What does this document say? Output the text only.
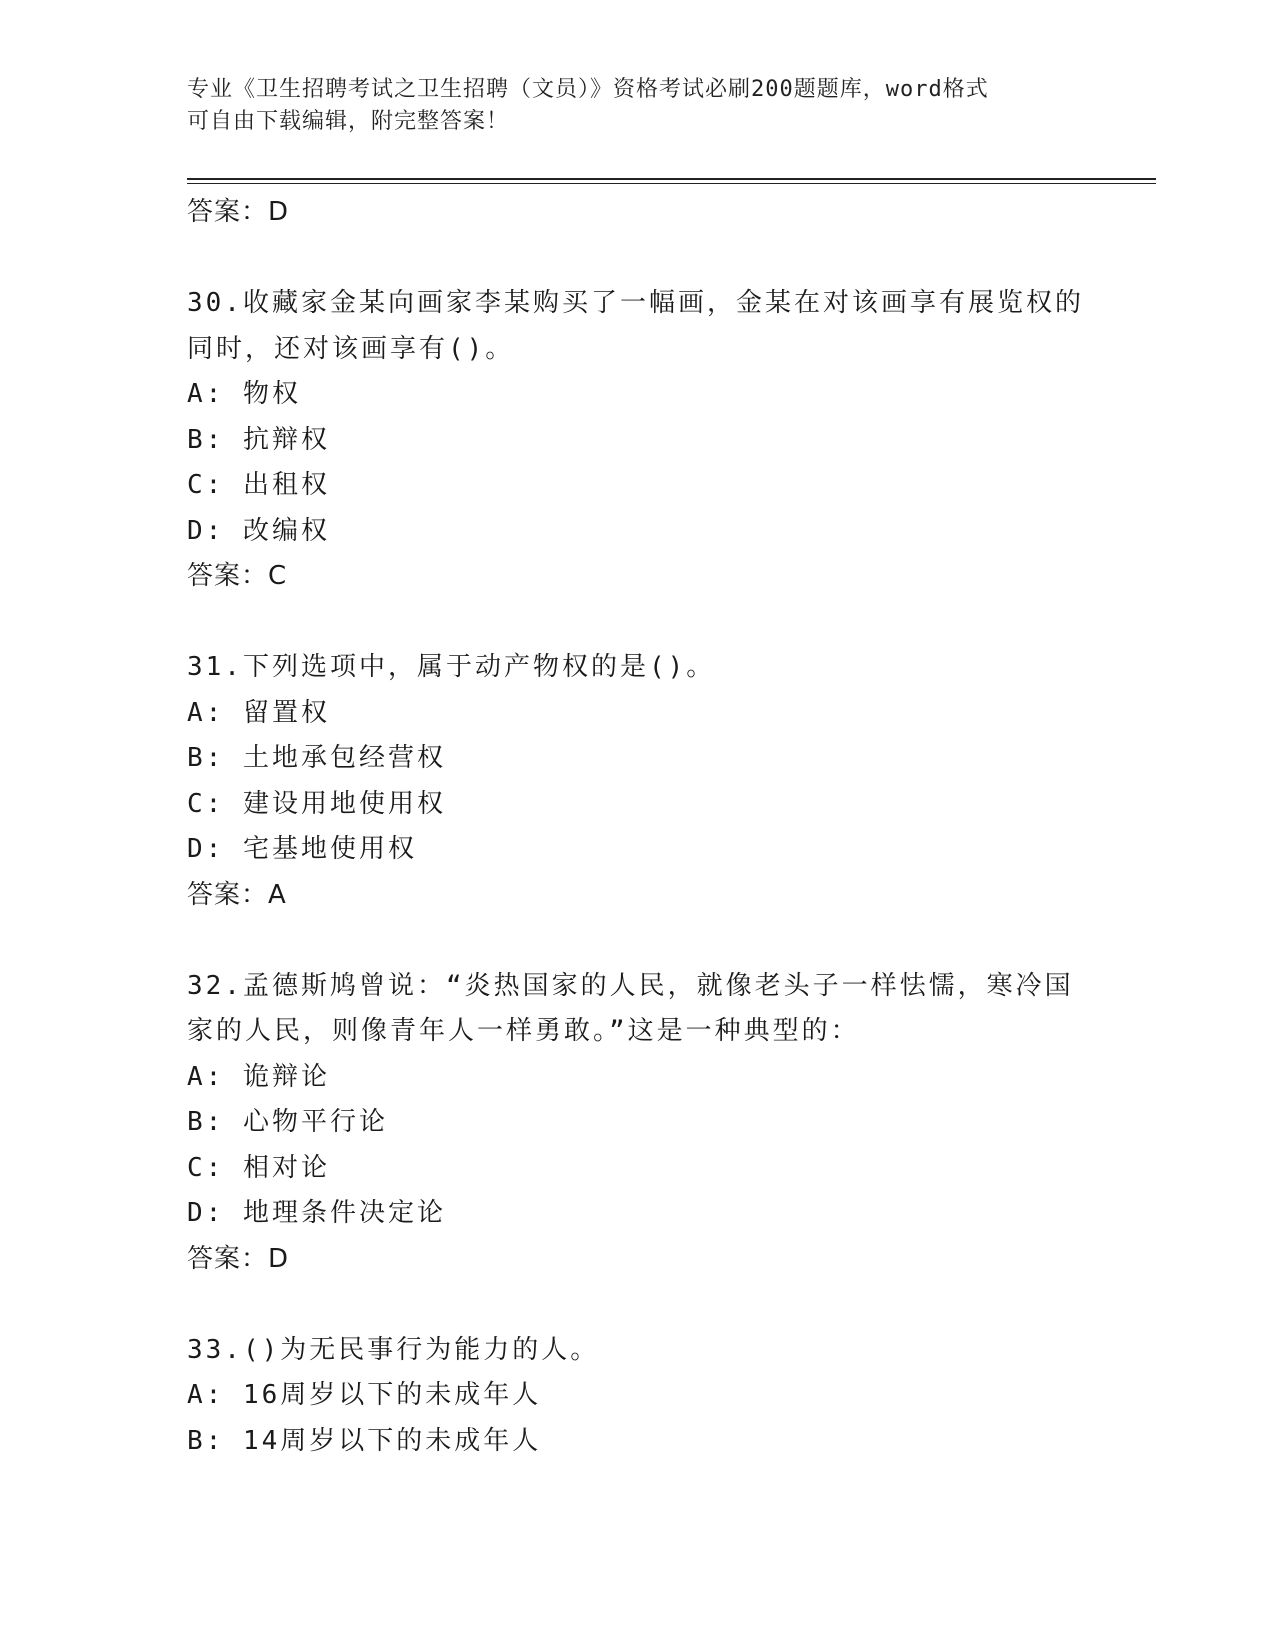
专业《卫生招聘考试之卫生招聘（文员）》资格考试必刷200题题库，word格式
可自由下载编辑，附完整答案！
答案：D
30.收藏家金某向画家李某购买了一幅画，金某在对该画享有展览权的
同时，还对该画享有()。
A: 物权
B: 抗辩权
C: 出租权
D: 改编权
答案：C
31.下列选项中，属于动产物权的是()。
A: 留置权
B: 土地承包经营权
C: 建设用地使用权
D: 宅基地使用权
答案：A
32.孟德斯鸠曾说：“炎热国家的人民，就像老头子一样怯懦，寒冷国
家的人民，则像青年人一样勇敢。”这是一种典型的：
A: 诡辩论
B: 心物平行论
C: 相对论
D: 地理条件决定论
答案：D
33.()为无民事行为能力的人。
A: 16周岁以下的未成年人
B: 14周岁以下的未成年人
